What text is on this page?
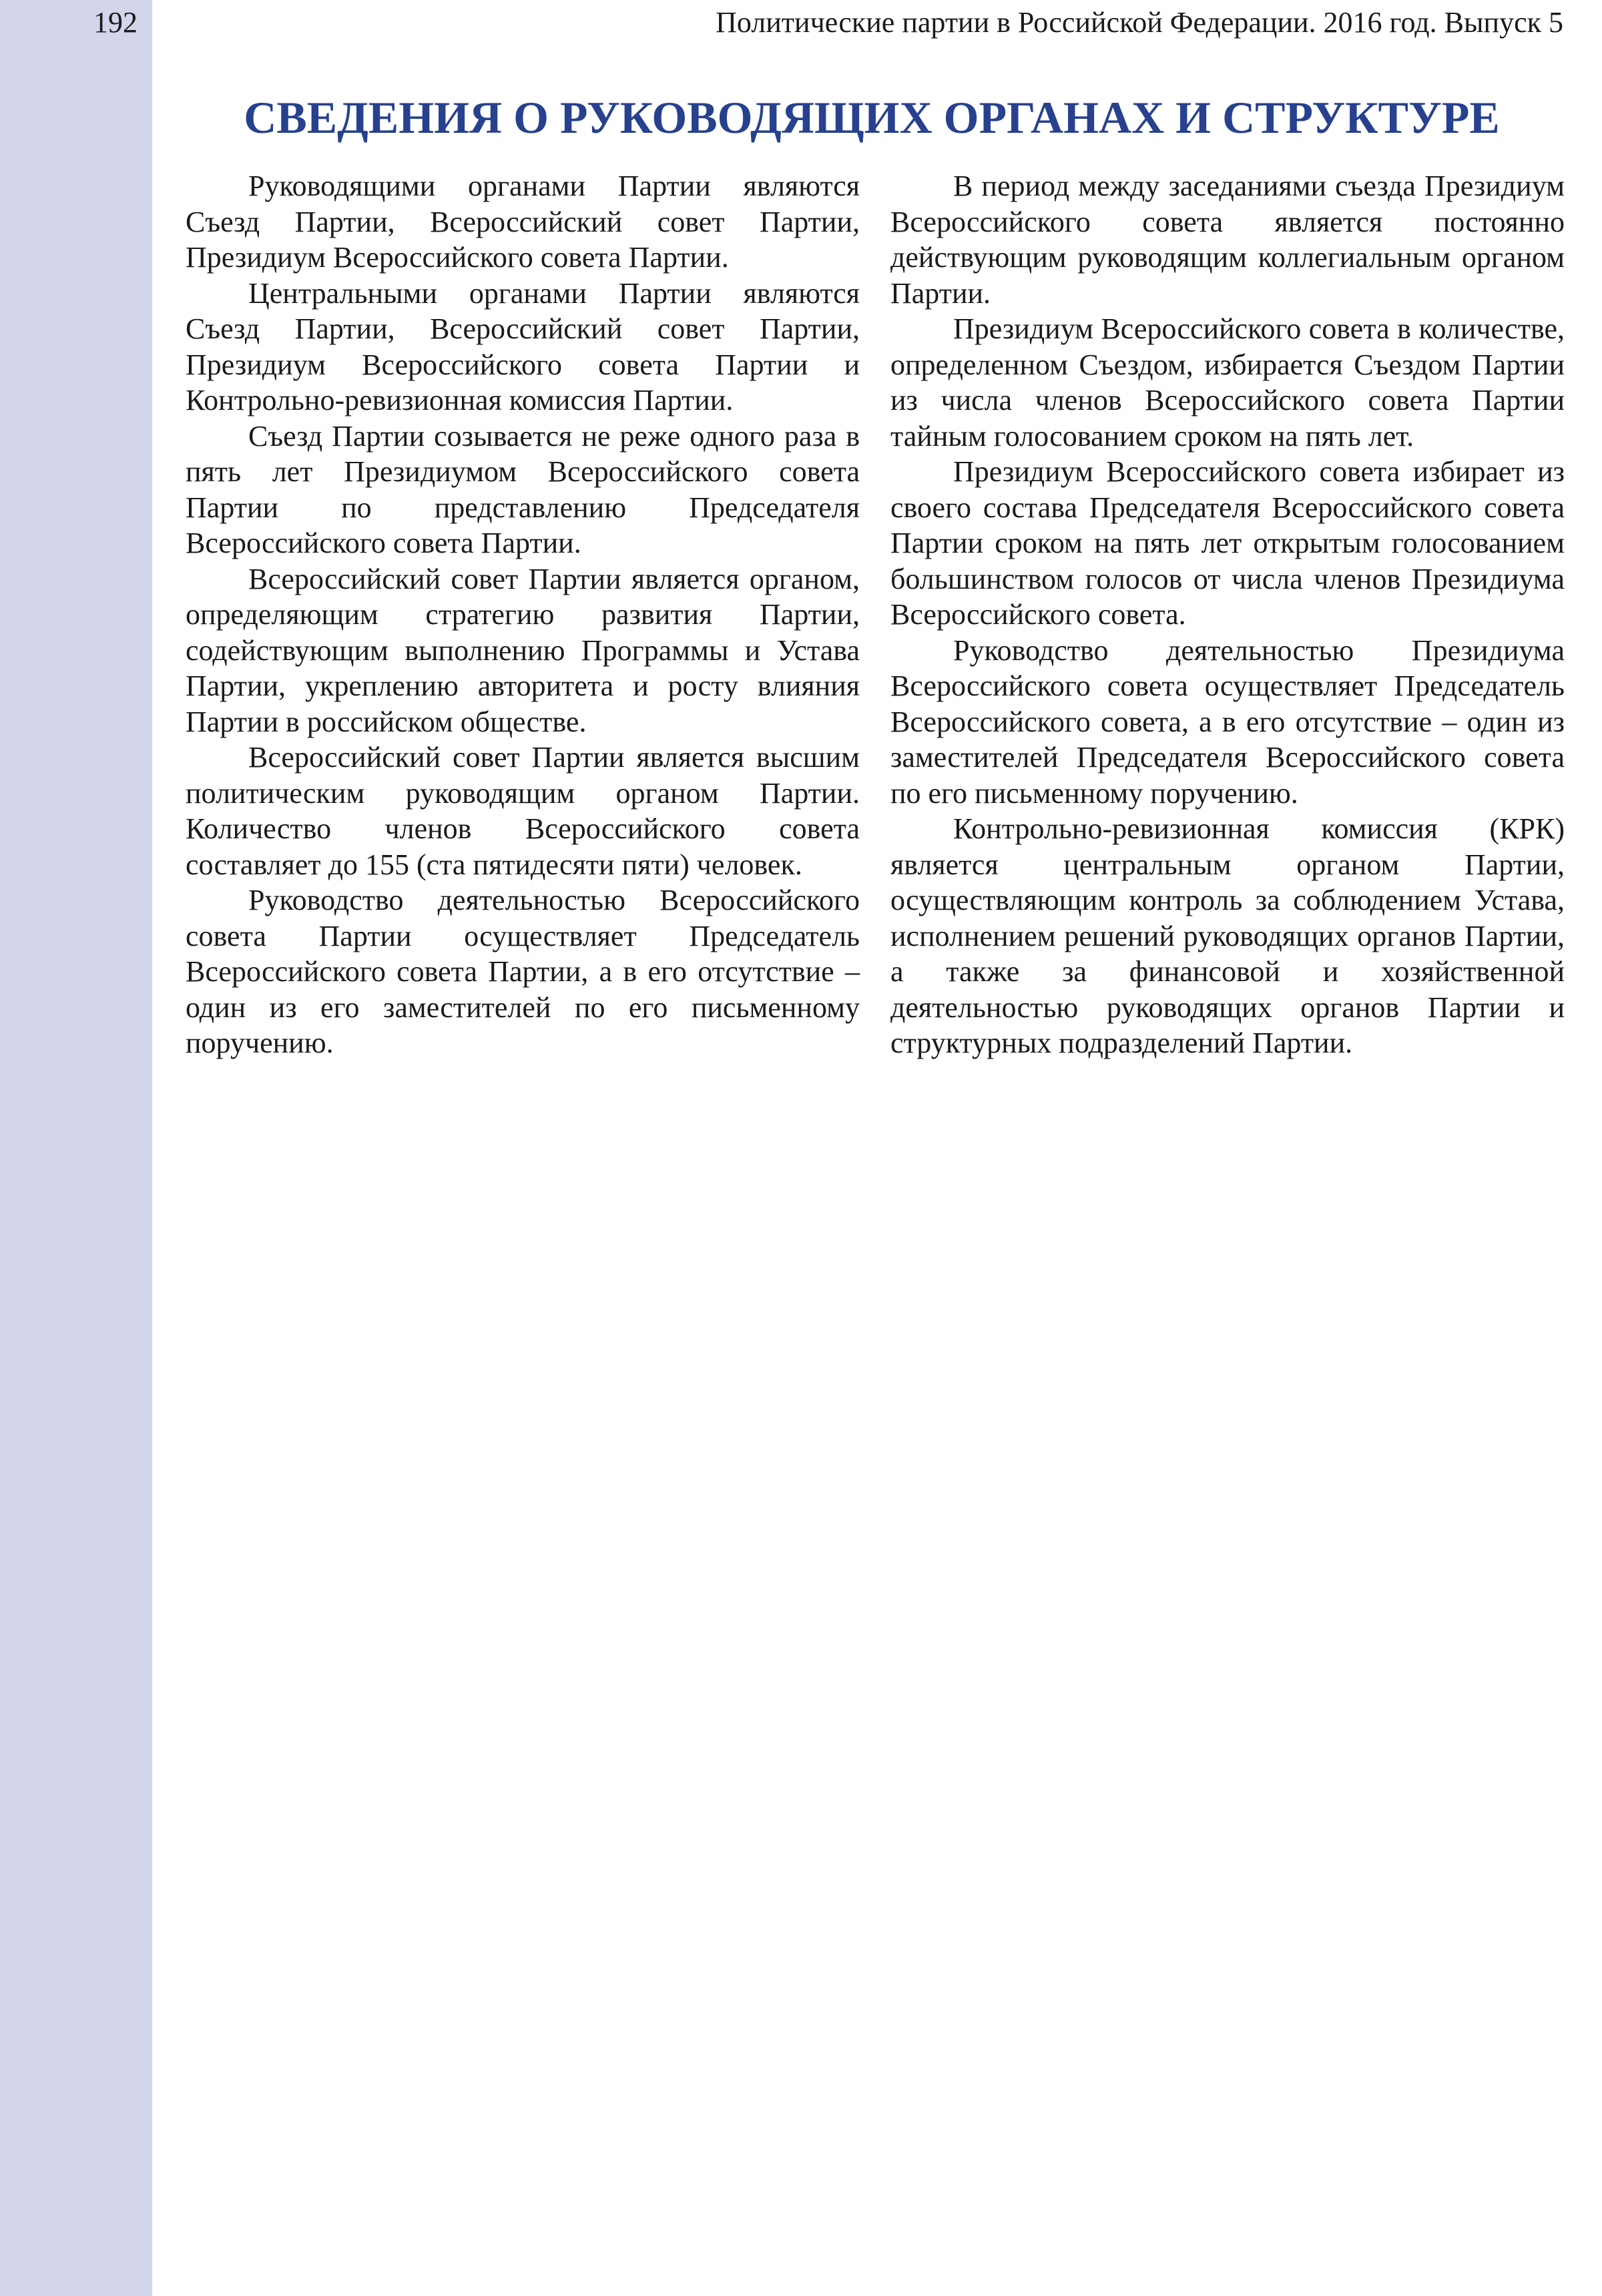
192	Политические партии в Российской Федерации. 2016 год. Выпуск 5
СВЕДЕНИЯ О РУКОВОДЯЩИХ ОРГАНАХ И СТРУКТУРЕ

Руководящими органами Партии являются Съезд Партии, Всероссийский совет Партии, Президиум Всероссийского совета Партии.

Центральными органами Партии являются Съезд Партии, Всероссийский совет Партии, Президиум Всероссийского совета Партии и Контрольно-ревизионная комиссия Партии.

Съезд Партии созывается не реже одного раза в пять лет Президиумом Всероссийского совета Партии по представлению Председателя Всероссийского совета Партии.

Всероссийский совет Партии является органом, определяющим стратегию развития Партии, содействующим выполнению Программы и Устава Партии, укреплению авторитета и росту влияния Партии в российском обществе.

Всероссийский совет Партии является высшим политическим руководящим органом Партии. Количество членов Всероссийского совета составляет до 155 (ста пятидесяти пяти) человек.

Руководство деятельностью Всероссийского совета Партии осуществляет Председатель Всероссийского совета Партии, а в его отсутствие – один из его заместителей по его письменному поручению.

В период между заседаниями съезда Президиум Всероссийского совета является постоянно действующим руководящим коллегиальным органом Партии.

Президиум Всероссийского совета в количестве, определенном Съездом, избирается Съездом Партии из числа членов Всероссийского совета Партии тайным голосованием сроком на пять лет.

Президиум Всероссийского совета избирает из своего состава Председателя Всероссийского совета Партии сроком на пять лет открытым голосованием большинством голосов от числа членов Президиума Всероссийского совета.

Руководство деятельностью Президиума Всероссийского совета осуществляет Председатель Всероссийского совета, а в его отсутствие – один из заместителей Председателя Всероссийского совета по его письменному поручению.

Контрольно-ревизионная комиссия (КРК) является центральным органом Партии, осуществляющим контроль за соблюдением Устава, исполнением решений руководящих органов Партии, а также за финансовой и хозяйственной деятельностью руководящих органов Партии и структурных подразделений Партии.
